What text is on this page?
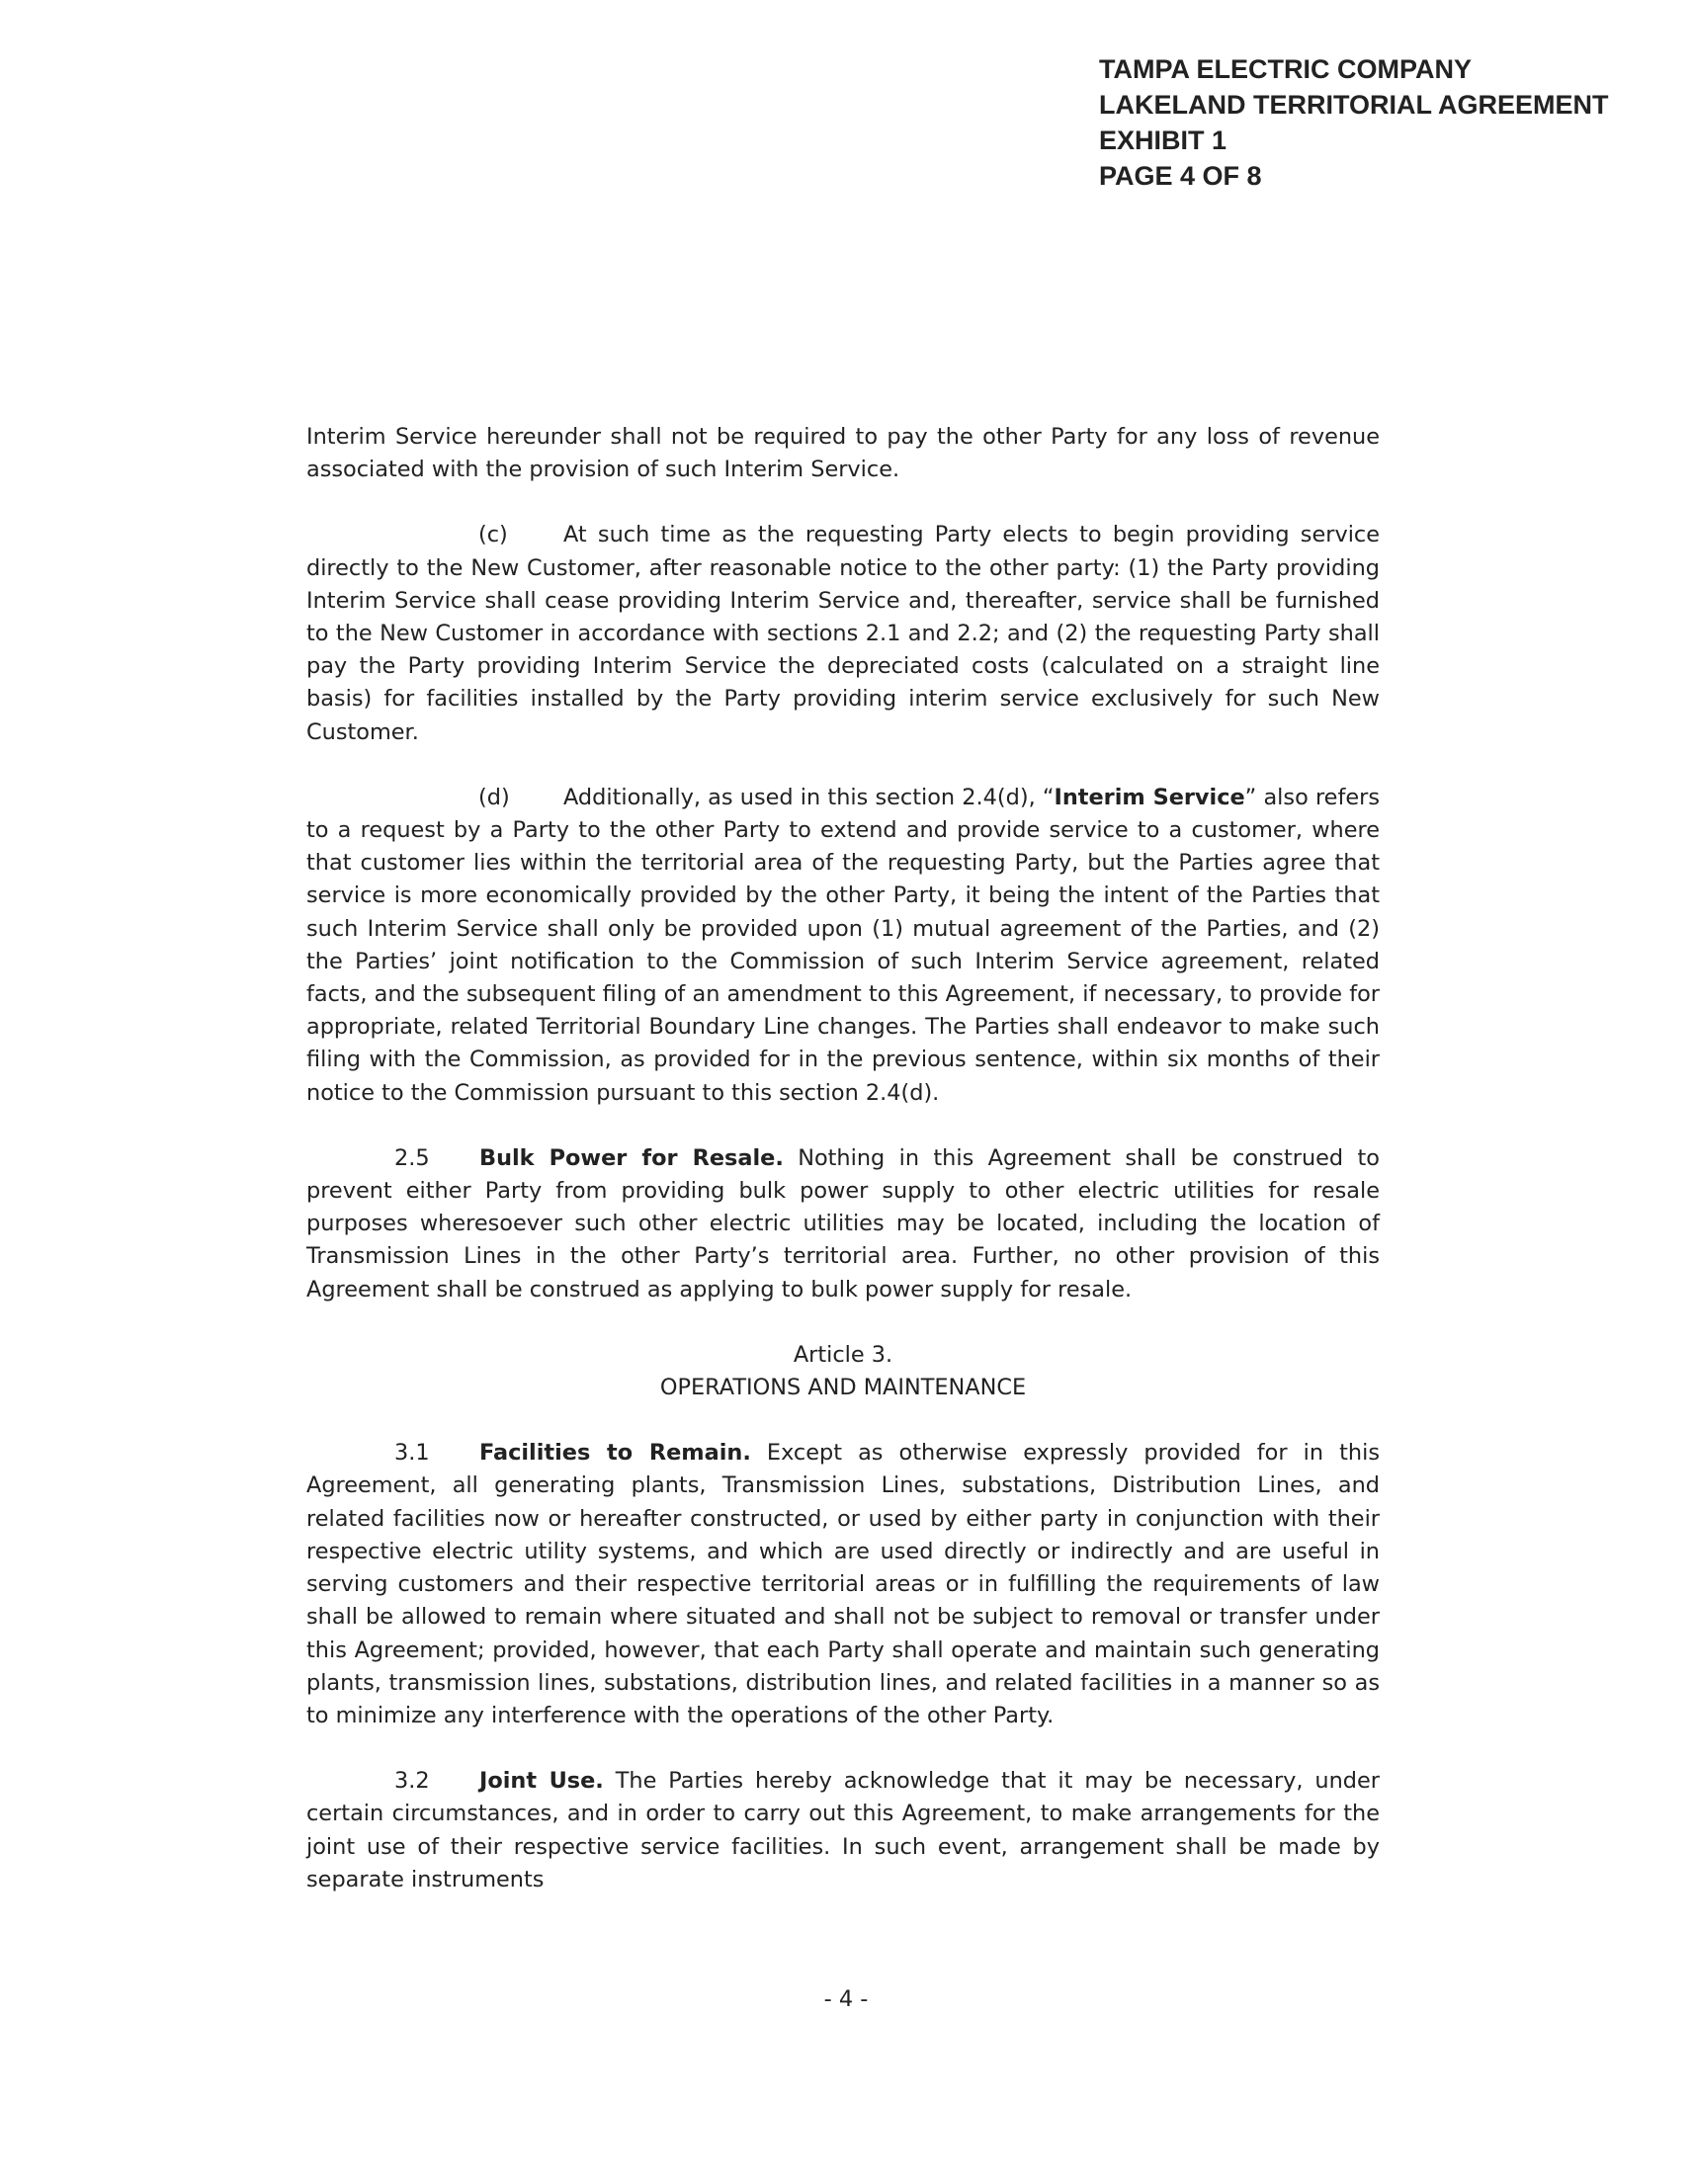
TAMPA ELECTRIC COMPANY
LAKELAND TERRITORIAL AGREEMENT
EXHIBIT 1
PAGE 4 OF 8

Interim Service hereunder shall not be required to pay the other Party for any loss of revenue associated with the provision of such Interim Service.

(c)	At such time as the requesting Party elects to begin providing service directly to the New Customer, after reasonable notice to the other party: (1) the Party providing Interim Service shall cease providing Interim Service and, thereafter, service shall be furnished to the New Customer in accordance with sections 2.1 and 2.2; and (2) the requesting Party shall pay the Party providing Interim Service the depreciated costs (calculated on a straight line basis) for facilities installed by the Party providing interim service exclusively for such New Customer.

(d) Additionally, as used in this section 2.4(d), “Interim Service” also refers to a request by a Party to the other Party to extend and provide service to a customer, where that customer lies within the territorial area of the requesting Party, but the Parties agree that service is more economically provided by the other Party, it being the intent of the Parties that such Interim Service shall only be provided upon (1) mutual agreement of the Parties, and (2) the Parties’ joint notification to the Commission of such Interim Service agreement, related facts, and the subsequent filing of an amendment to this Agreement, if necessary, to provide for appropriate, related Territorial Boundary Line changes. The Parties shall endeavor to make such filing with the Commission, as provided for in the previous sentence, within six months of their notice to the Commission pursuant to this section 2.4(d).

2.5 Bulk Power for Resale. Nothing in this Agreement shall be construed to prevent either Party from providing bulk power supply to other electric utilities for resale purposes wheresoever such other electric utilities may be located, including the location of Transmission Lines in the other Party’s territorial area. Further, no other provision of this Agreement shall be construed as applying to bulk power supply for resale.

Article 3.
OPERATIONS AND MAINTENANCE

3.1 Facilities to Remain. Except as otherwise expressly provided for in this Agreement, all generating plants, Transmission Lines, substations, Distribution Lines, and related facilities now or hereafter constructed, or used by either party in conjunction with their respective electric utility systems, and which are used directly or indirectly and are useful in serving customers and their respective territorial areas or in fulfilling the requirements of law shall be allowed to remain where situated and shall not be subject to removal or transfer under this Agreement; provided, however, that each Party shall operate and maintain such generating plants, transmission lines, substations, distribution lines, and related facilities in a manner so as to minimize any interference with the operations of the other Party.

3.2 Joint Use. The Parties hereby acknowledge that it may be necessary, under certain circumstances, and in order to carry out this Agreement, to make arrangements for the joint use of their respective service facilities. In such event, arrangement shall be made by separate instruments

- 4 -
